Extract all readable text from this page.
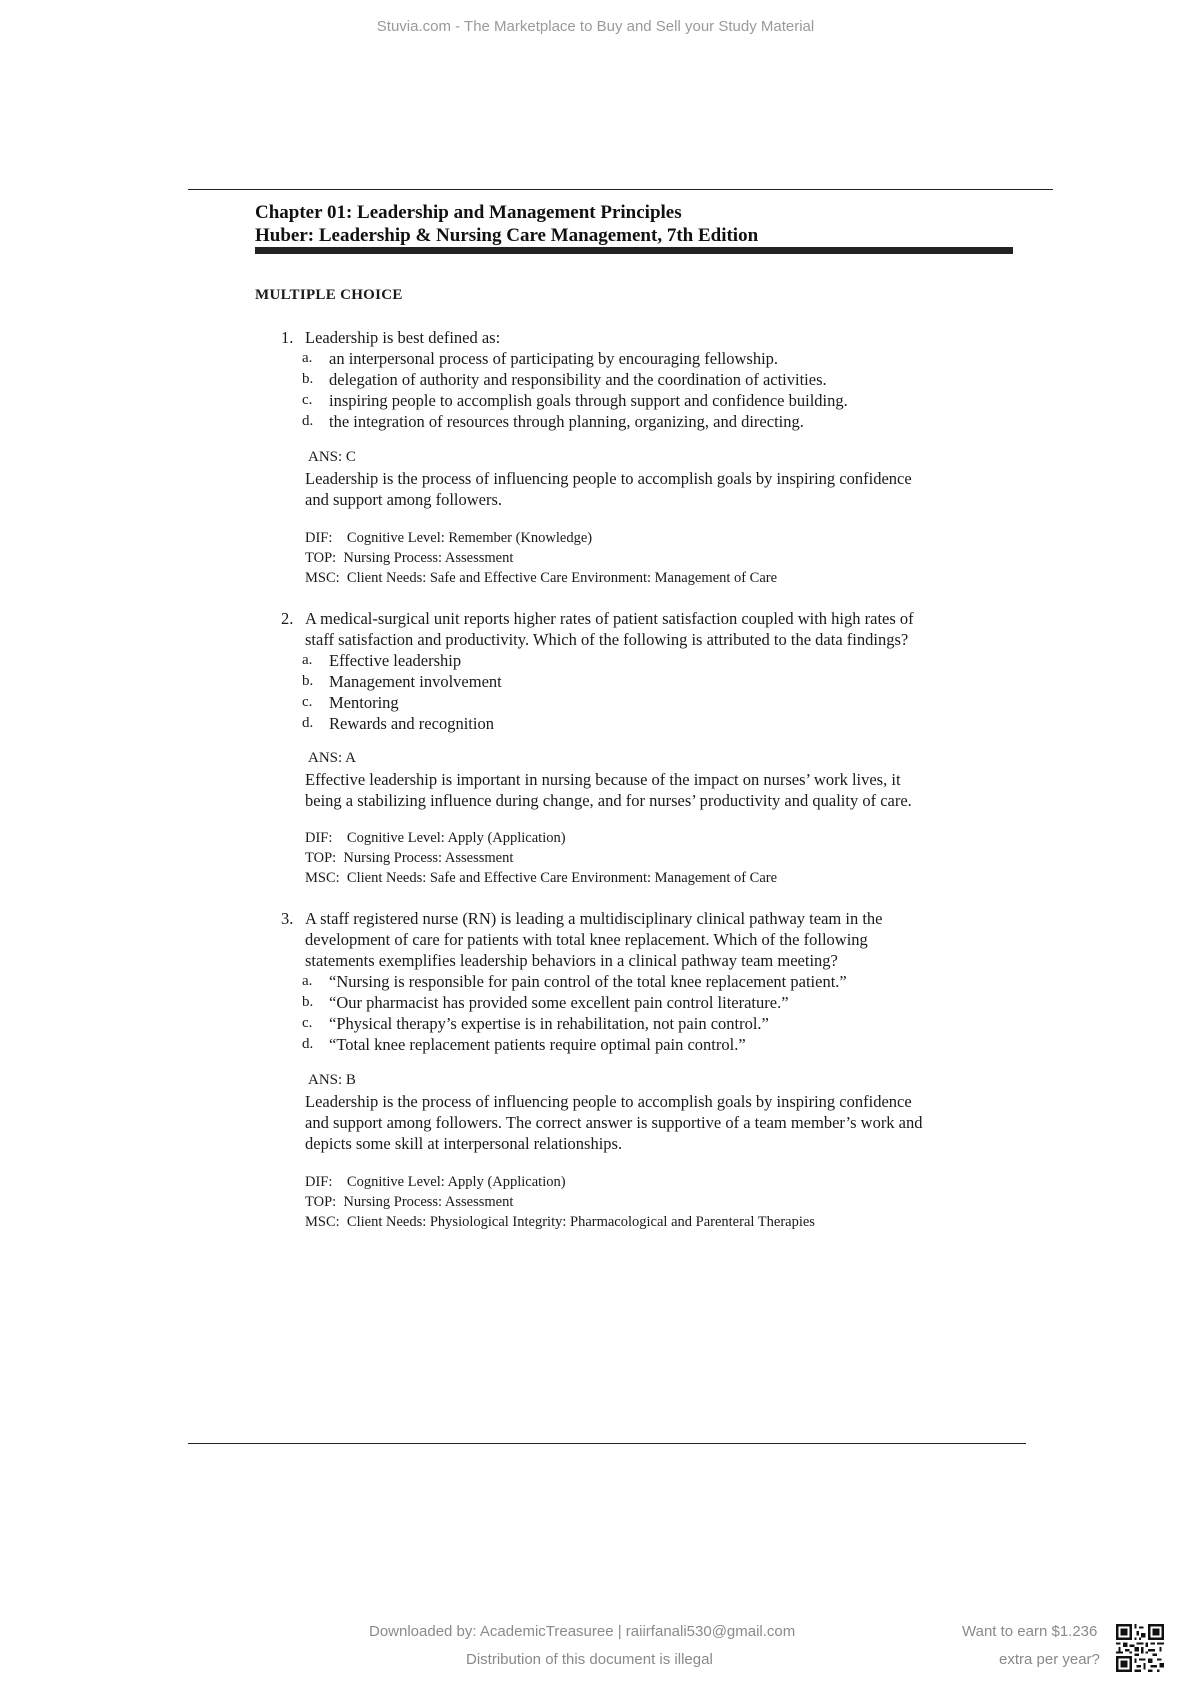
Stuvia.com - The Marketplace to Buy and Sell your Study Material
Chapter 01: Leadership and Management Principles
Huber: Leadership & Nursing Care Management, 7th Edition
MULTIPLE CHOICE
1. Leadership is best defined as:
a. an interpersonal process of participating by encouraging fellowship.
b. delegation of authority and responsibility and the coordination of activities.
c. inspiring people to accomplish goals through support and confidence building.
d. the integration of resources through planning, organizing, and directing.
ANS: C
Leadership is the process of influencing people to accomplish goals by inspiring confidence
and support among followers.
DIF:    Cognitive Level: Remember (Knowledge)
TOP:  Nursing Process: Assessment
MSC:  Client Needs: Safe and Effective Care Environment: Management of Care
2. A medical-surgical unit reports higher rates of patient satisfaction coupled with high rates of
staff satisfaction and productivity. Which of the following is attributed to the data findings?
a. Effective leadership
b. Management involvement
c. Mentoring
d. Rewards and recognition
ANS: A
Effective leadership is important in nursing because of the impact on nurses’ work lives, it
being a stabilizing influence during change, and for nurses’ productivity and quality of care.
DIF:    Cognitive Level: Apply (Application)
TOP:  Nursing Process: Assessment
MSC:  Client Needs: Safe and Effective Care Environment: Management of Care
3. A staff registered nurse (RN) is leading a multidisciplinary clinical pathway team in the
development of care for patients with total knee replacement. Which of the following
statements exemplifies leadership behaviors in a clinical pathway team meeting?
a. “Nursing is responsible for pain control of the total knee replacement patient.”
b. “Our pharmacist has provided some excellent pain control literature.”
c. “Physical therapy’s expertise is in rehabilitation, not pain control.”
d. “Total knee replacement patients require optimal pain control.”
ANS: B
Leadership is the process of influencing people to accomplish goals by inspiring confidence
and support among followers. The correct answer is supportive of a team member’s work and
depicts some skill at interpersonal relationships.
DIF:    Cognitive Level: Apply (Application)
TOP:  Nursing Process: Assessment
MSC:  Client Needs: Physiological Integrity: Pharmacological and Parenteral Therapies
Downloaded by: AcademicTreasuree | raiirfanali530@gmail.com
Distribution of this document is illegal
Want to earn $1.236
extra per year?
